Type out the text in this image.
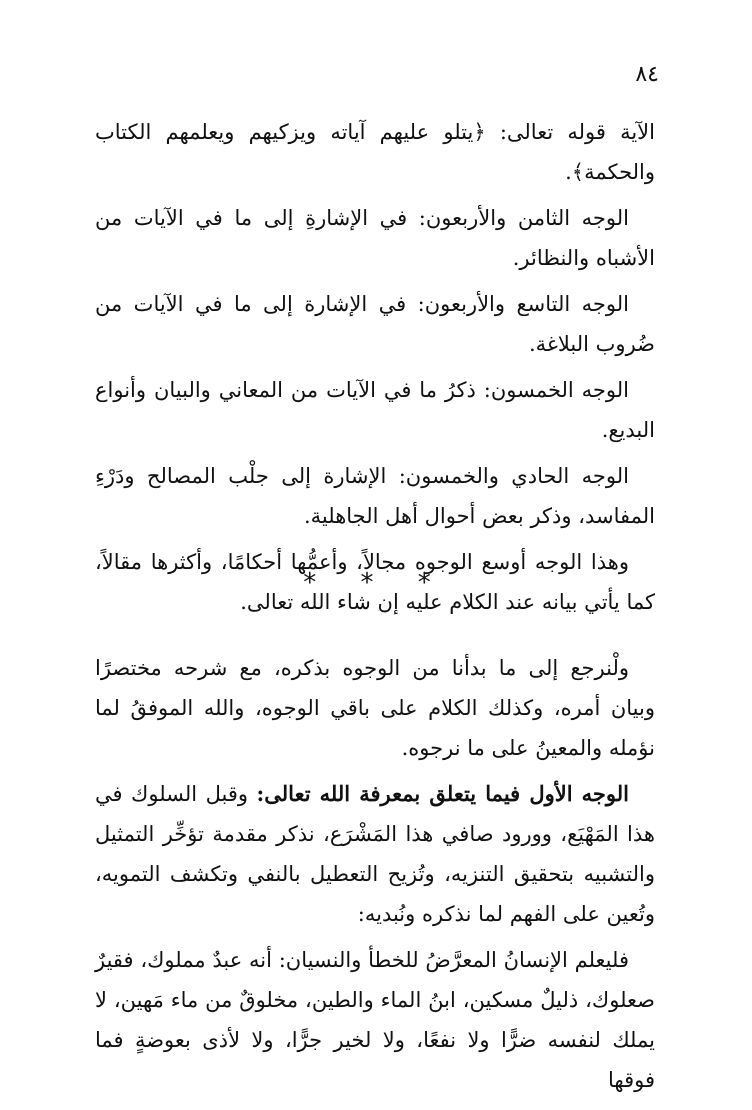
٨٤

الآية قوله تعالى: ﴿يتلو عليهم آياته ويزكيهم ويعلمهم الكتاب والحكمة﴾.

الوجه الثامن والأربعون: في الإشارةِ إلى ما في الآيات من الأشباه والنظائر.

الوجه التاسع والأربعون: في الإشارة إلى ما في الآيات من ضُروب البلاغة.

الوجه الخمسون: ذكرُ ما في الآيات من المعاني والبيان وأنواع البديع.

الوجه الحادي والخمسون: الإشارة إلى جلْب المصالح ودَرْءِ المفاسد، وذكر بعض أحوال أهل الجاهلية.

وهذا الوجه أوسع الوجوه مجالاً، وأعمُّها أحكامًا، وأكثرها مقالاً، كما يأتي بيانه عند الكلام عليه إن شاء الله تعالى.

* * *

ولْنرجع إلى ما بدأنا من الوجوه بذكره، مع شرحه مختصرًا وبيان أمره، وكذلك الكلام على باقي الوجوه، والله الموفقُ لما نؤمله والمعينُ على ما نرجوه.

الوجه الأول فيما يتعلق بمعرفة الله تعالى: وقبل السلوك في هذا المَهْيَع، وورود صافي هذا المَشْرَع، نذكر مقدمة تؤخِّر التمثيل والتشبيه بتحقيق التنزيه، وتُزيح التعطيل بالنفي وتكشف التمويه، وتُعين على الفهم لما نذكره ونُبديه:

فليعلم الإنسانُ المعرَّضُ للخطأ والنسيان: أنه عبدٌ مملوك، فقيرٌ صعلوك، ذليلٌ مسكين، ابنُ الماء والطين، مخلوقٌ من ماء مَهين، لا يملك لنفسه ضرًّا ولا نفعًا، ولا لخير جرًّا، ولا لأذى بعوضةٍ فما فوقها
